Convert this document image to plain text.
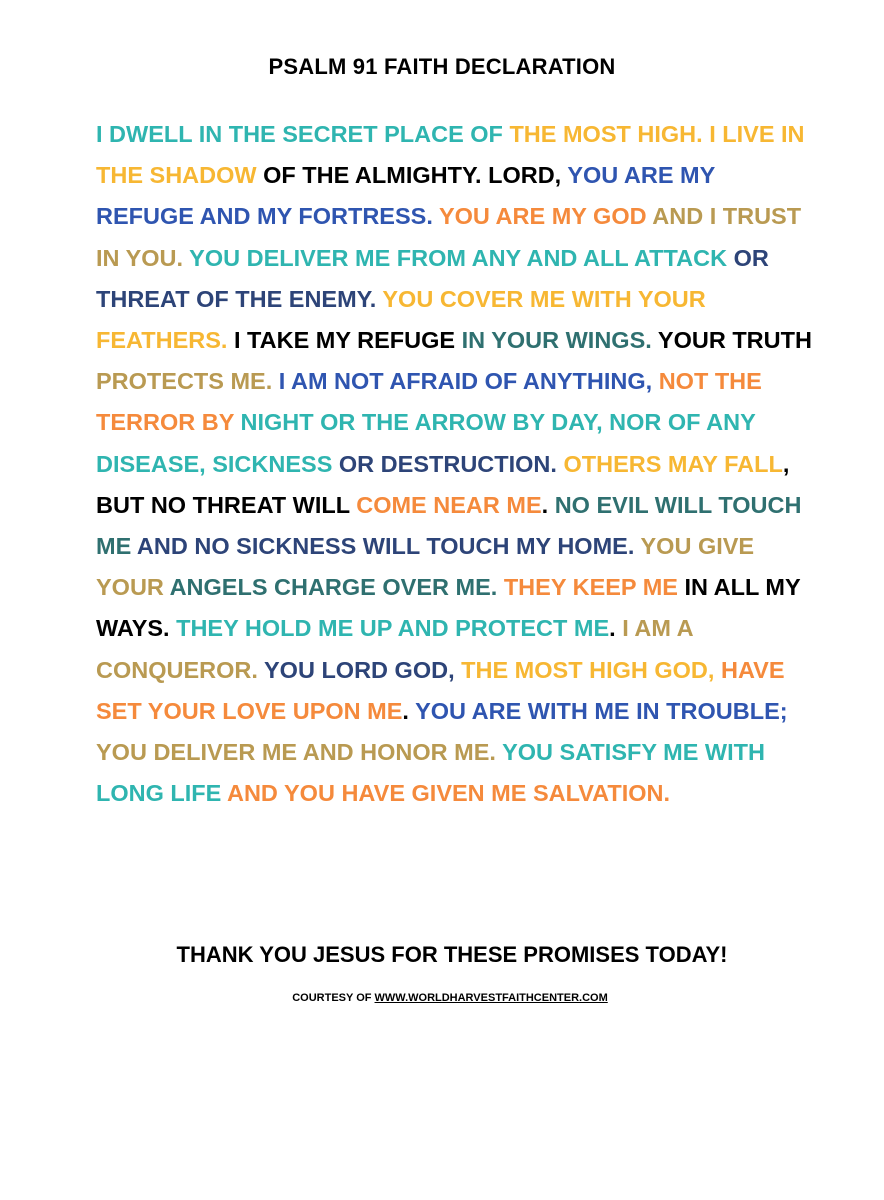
PSALM 91 FAITH DECLARATION

I DWELL IN THE SECRET PLACE OF THE MOST HIGH. I LIVE IN THE SHADOW OF THE ALMIGHTY. LORD, YOU ARE MY REFUGE AND MY FORTRESS. YOU ARE MY GOD AND I TRUST IN YOU. YOU DELIVER ME FROM ANY AND ALL ATTACK OR THREAT OF THE ENEMY. YOU COVER ME WITH YOUR FEATHERS. I TAKE MY REFUGE IN YOUR WINGS. YOUR TRUTH PROTECTS ME. I AM NOT AFRAID OF ANYTHING, NOT THE TERROR BY NIGHT OR THE ARROW BY DAY, NOR OF ANY DISEASE, SICKNESS OR DESTRUCTION. OTHERS MAY FALL, BUT NO THREAT WILL COME NEAR ME. NO EVIL WILL TOUCH ME AND NO SICKNESS WILL TOUCH MY HOME. YOU GIVE YOUR ANGELS CHARGE OVER ME. THEY KEEP ME IN ALL MY WAYS. THEY HOLD ME UP AND PROTECT ME. I AM A CONQUEROR. YOU LORD GOD, THE MOST HIGH GOD, HAVE SET YOUR LOVE UPON ME. YOU ARE WITH ME IN TROUBLE; YOU DELIVER ME AND HONOR ME. YOU SATISFY ME WITH LONG LIFE AND YOU HAVE GIVEN ME SALVATION.

THANK YOU JESUS FOR THESE PROMISES TODAY!
COURTESY OF WWW.WORLDHARVESTFAITHCENTER.COM
